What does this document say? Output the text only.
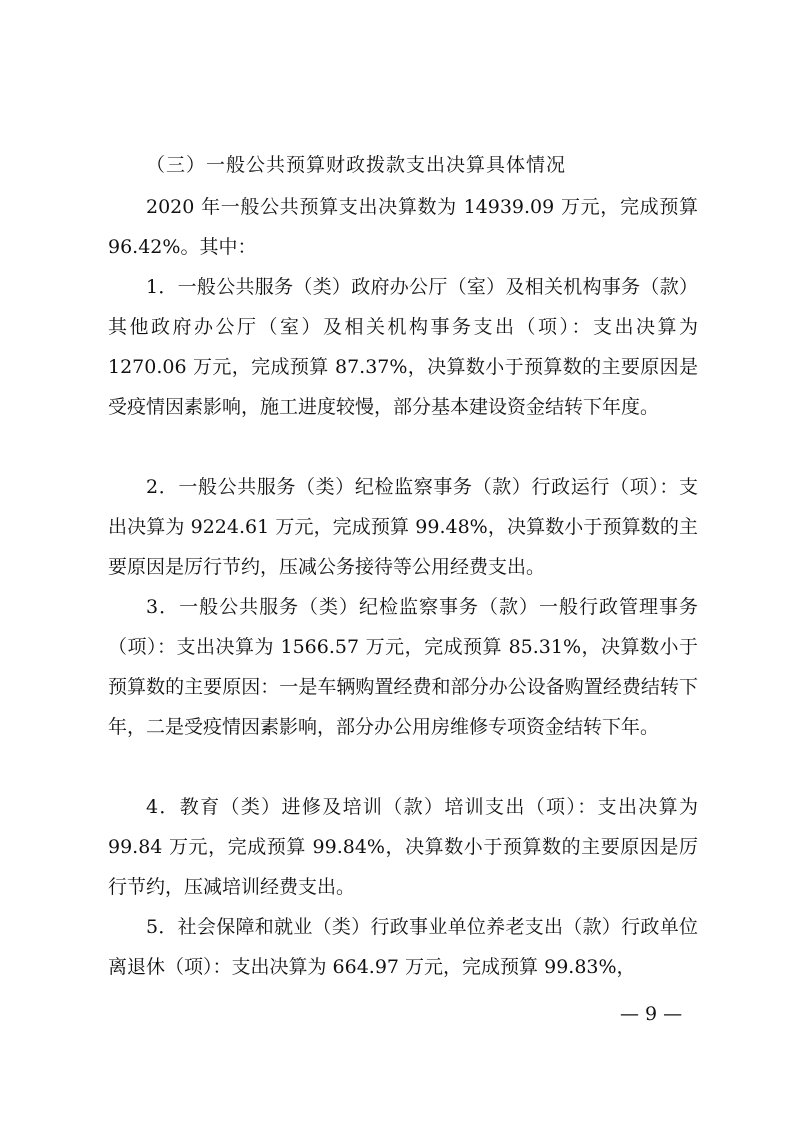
（三）一般公共预算财政拨款支出决算具体情况
2020 年一般公共预算支出决算数为 14939.09 万元，完成预算 96.42%。其中：
1．一般公共服务（类）政府办公厅（室）及相关机构事务（款）其他政府办公厅（室）及相关机构事务支出（项）：支出决算为 1270.06 万元，完成预算 87.37%，决算数小于预算数的主要原因是受疫情因素影响，施工进度较慢，部分基本建设资金结转下年度。
2．一般公共服务（类）纪检监察事务（款）行政运行（项）：支出决算为 9224.61 万元，完成预算 99.48%，决算数小于预算数的主要原因是厉行节约，压减公务接待等公用经费支出。
3．一般公共服务（类）纪检监察事务（款）一般行政管理事务（项）：支出决算为 1566.57 万元，完成预算 85.31%，决算数小于预算数的主要原因：一是车辆购置经费和部分办公设备购置经费结转下年，二是受疫情因素影响，部分办公用房维修专项资金结转下年。
4．教育（类）进修及培训（款）培训支出（项）：支出决算为 99.84 万元，完成预算 99.84%，决算数小于预算数的主要原因是厉行节约，压减培训经费支出。
5．社会保障和就业（类）行政事业单位养老支出（款）行政单位离退休（项）：支出决算为 664.97 万元，完成预算 99.83%，
— 9 —
